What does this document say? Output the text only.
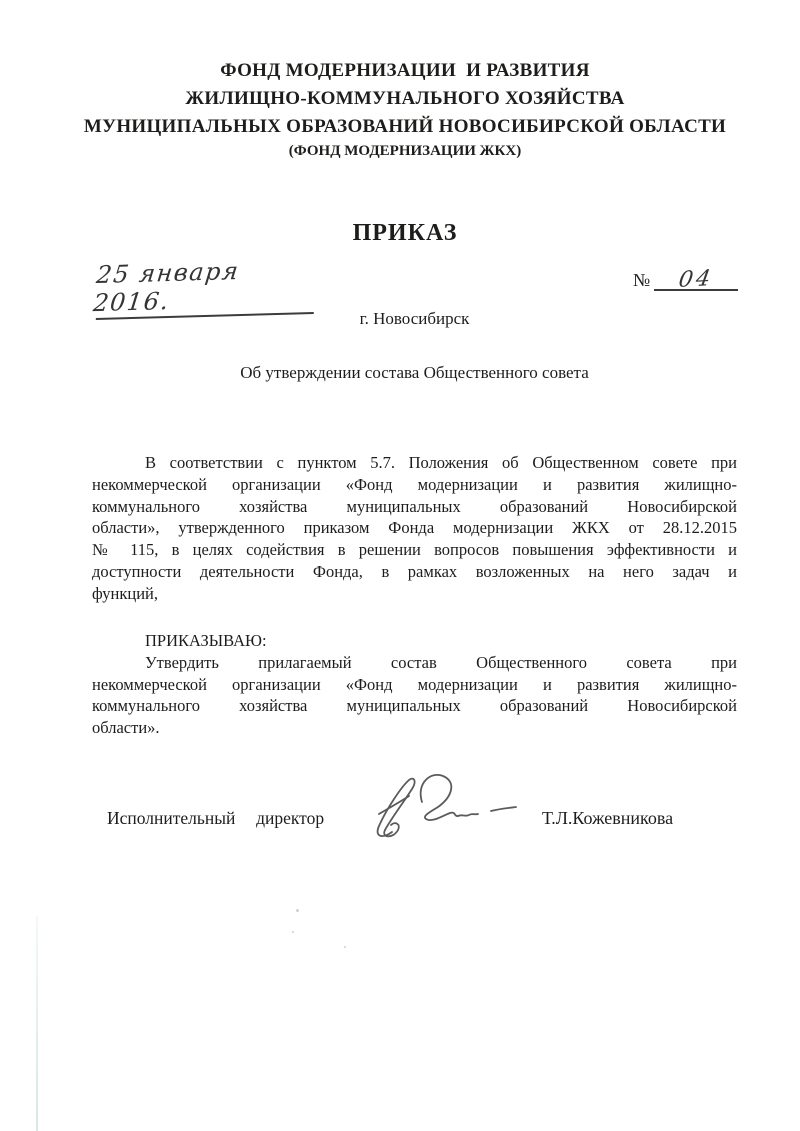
ФОНД МОДЕРНИЗАЦИИ  И РАЗВИТИЯ
ЖИЛИЩНО-КОММУНАЛЬНОГО ХОЗЯЙСТВА
МУНИЦИПАЛЬНЫХ ОБРАЗОВАНИЙ НОВОСИБИРСКОЙ ОБЛАСТИ
(ФОНД МОДЕРНИЗАЦИИ ЖКХ)
ПРИКАЗ
25 января 2016.
№ 04
г. Новосибирск
Об утверждении состава Общественного совета
В соответствии с пунктом 5.7. Положения об Общественном совете при
некоммерческой организации «Фонд модернизации и развития жилищно-
коммунального хозяйства муниципальных образований Новосибирской
области», утвержденного приказом Фонда модернизации ЖКХ от 28.12.2015
№ 115, в целях содействия в решении вопросов повышения эффективности и
доступности деятельности Фонда, в рамках возложенных на него задач и
функций,
ПРИКАЗЫВАЮ:
Утвердить прилагаемый состав Общественного совета при
некоммерческой организации «Фонд модернизации и развития жилищно-
коммунального хозяйства муниципальных образований Новосибирской
области».
Исполнительный  директор	Т.Л.Кожевникова
